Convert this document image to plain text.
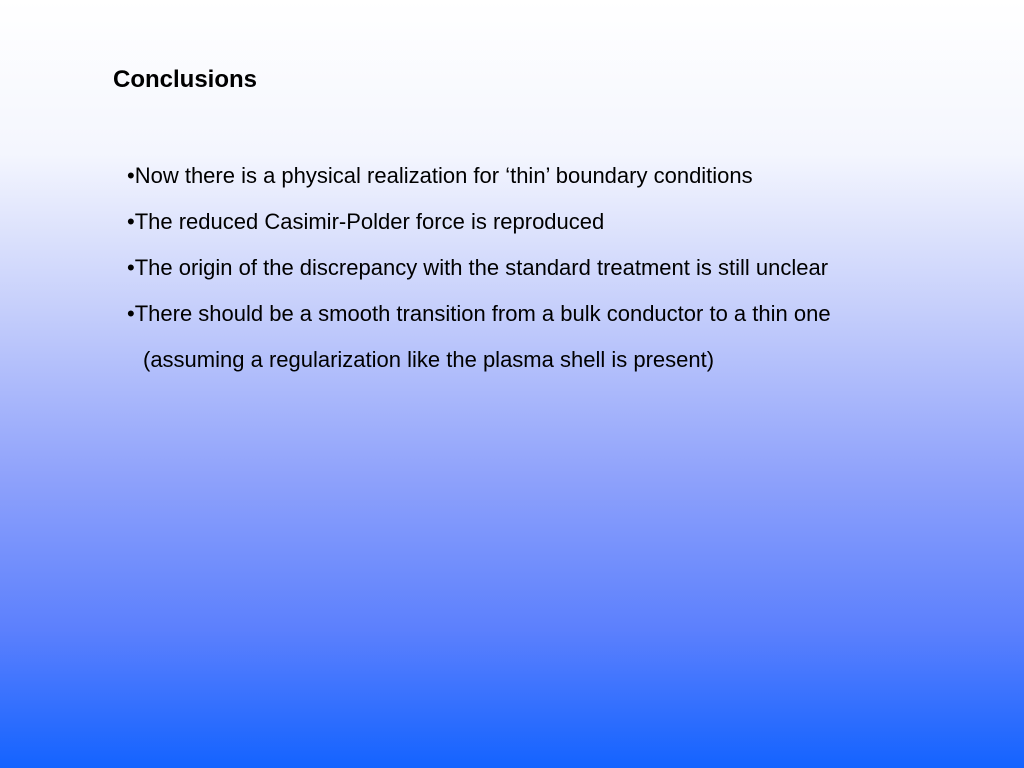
Conclusions
•Now there is a physical realization for ‘thin’ boundary conditions
•The reduced Casimir-Polder force is reproduced
•The origin of the discrepancy with the standard treatment is still unclear
•There should be a smooth transition from a bulk conductor to a thin one
(assuming a regularization like the plasma shell is present)
